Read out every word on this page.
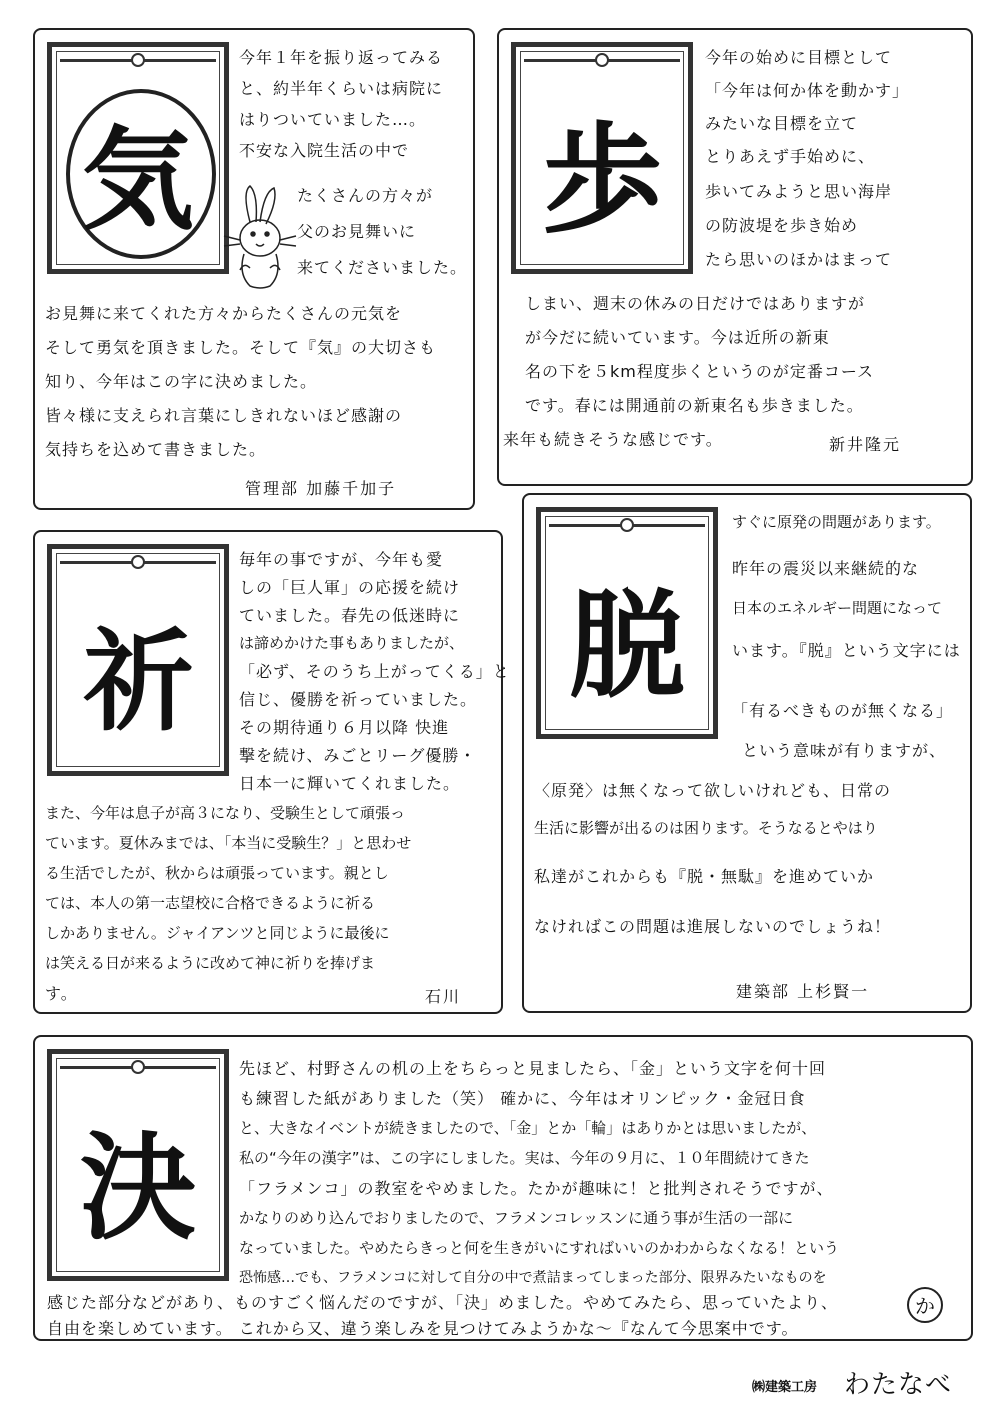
気
今年１年を振り返ってみる
と、約半年くらいは病院に
はりついていました…。
不安な入院生活の中で
たくさんの方々が
父のお見舞いに
来てくださいました。
お見舞に来てくれた方々からたくさんの元気を
そして勇気を頂きました。そして『気』の大切さも
知り、今年はこの字に決めました。
皆々様に支えられ言葉にしきれないほど感謝の
気持ちを込めて書きました。
管理部 加藤千加子
歩
今年の始めに目標として
「今年は何か体を動かす」
みたいな目標を立て
とりあえず手始めに、
歩いてみようと思い海岸
の防波堤を歩き始め
たら思いのほかはまって
しまい、週末の休みの日だけではありますが
が今だに続いています。今は近所の新東
名の下を５km程度歩くというのが定番コース
です。春には開通前の新東名も歩きました。
来年も続きそうな感じです。	新井隆元
祈
毎年の事ですが、今年も愛
しの「巨人軍」の応援を続け
ていました。春先の低迷時に
は諦めかけた事もありましたが、
「必ず、そのうち上がってくる」と
信じ、優勝を祈っていました。
その期待通り６月以降 快進
撃を続け、みごとリーグ優勝・
日本一に輝いてくれました。
また、今年は息子が高３になり、受験生として頑張っ
ています。夏休みまでは、「本当に受験生？」と思わせ
る生活でしたが、秋からは頑張っています。親とし
ては、本人の第一志望校に合格できるように祈る
しかありません。ジャイアンツと同じように最後に
は笑える日が来るように改めて神に祈りを捧げま
す。	石川
脱
すぐに原発の問題があります。
昨年の震災以来継続的な
日本のエネルギー問題になって
います。『脱』という文字には
「有るべきものが無くなる」
という意味が有りますが、
〈原発〉は無くなって欲しいけれども、日常の
生活に影響が出るのは困ります。そうなるとやはり
私達がこれからも『脱・無駄』を進めていか
なければこの問題は進展しないのでしょうね！
建築部 上杉賢一
決
先ほど、村野さんの机の上をちらっと見ましたら、「金」という文字を何十回
も練習した紙がありました（笑） 確かに、今年はオリンピック・金冠日食
と、大きなイベントが続きましたので、「金」とか「輪」はありかとは思いましたが、
私の“今年の漢字”は、この字にしました。実は、今年の９月に、１０年間続けてきた
「フラメンコ」の教室をやめました。たかが趣味に！と批判されそうですが、
かなりのめり込んでおりましたので、フラメンコレッスンに通う事が生活の一部に
なっていました。やめたらきっと何を生きがいにすればいいのかわからなくなる！という
恐怖感…でも、フラメンコに対して自分の中で煮詰まってしまった部分、限界みたいなものを
感じた部分などがあり、ものすごく悩んだのですが、「決」めました。やめてみたら、思っていたより、
自由を楽しめています。 これから又、違う楽しみを見つけてみようかな～『なんて今思案中です。
か
㈱建築工房 わたなべ
